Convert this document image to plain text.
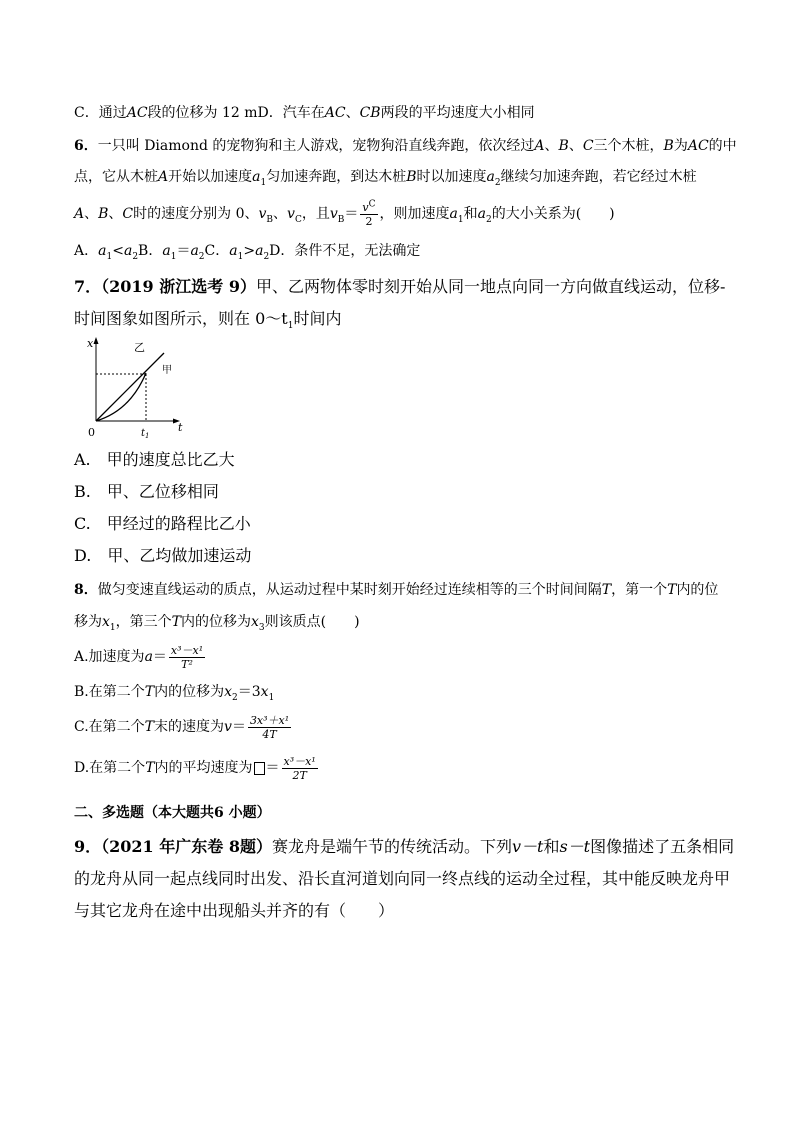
C．通过AC段的位移为 12 mD．汽车在AC、CB两段的平均速度大小相同
6．一只叫 Diamond 的宠物狗和主人游戏，宠物狗沿直线奔跑，依次经过A、B、C三个木桩，B为AC的中
点，它从木桩A开始以加速度$a_1$匀加速奔跑，到达木桩B时以加速度$a_2$继续匀加速奔跑，若它经过木桩
A、B、C时的速度分别为 0、$v_B$、$v_C$，且$v_B= \frac{v^C}{2}$ ，则加速度$a_1$和$a_2$的大小关系为(　　)
A．$a_1<a_2B$．$a_1=a_2C$．$a_1>a_2D$．条件不足，无法确定
7．（2019 浙江选考 9）甲、乙两物体零时刻开始从同一地点向同一方向做直线运动，位移-
时间图象如图所示，则在 $0\sim t_1$时间内
x
t
0	$t_1$
乙
甲
A.　甲的速度总比乙大
B.　甲、乙位移相同
C.　甲经过的路程比乙小
D.　甲、乙均做加速运动
8．做匀变速直线运动的质点，从运动过程中某时刻开始经过连续相等的三个时间间隔T，第一个T内的位
移为$x_1$，第三个T内的位移为$x_3$则该质点(　　)
A.加速度为$a= \frac{\text{x³－x¹}}{\text{T²}}$
B.在第二个T内的位移为$x_2=3x_1$
C.在第二个T末的速度为$v= \frac{\text{3x³＋x¹}}{4T}$
D.在第二个T内的平均速度为 ＝ $\frac{\text{x³－x¹}}{2T}$
二、多选题（本大题共6 小题）
9．（2021 年广东卷 8题）赛龙舟是端午节的传统活动。下列v－t和s－t图像描述了五条相同
的龙舟从同一起点线同时出发、沿长直河道划向同一终点线的运动全过程，其中能反映龙舟甲
与其它龙舟在途中出现船头并齐的有（　　）
